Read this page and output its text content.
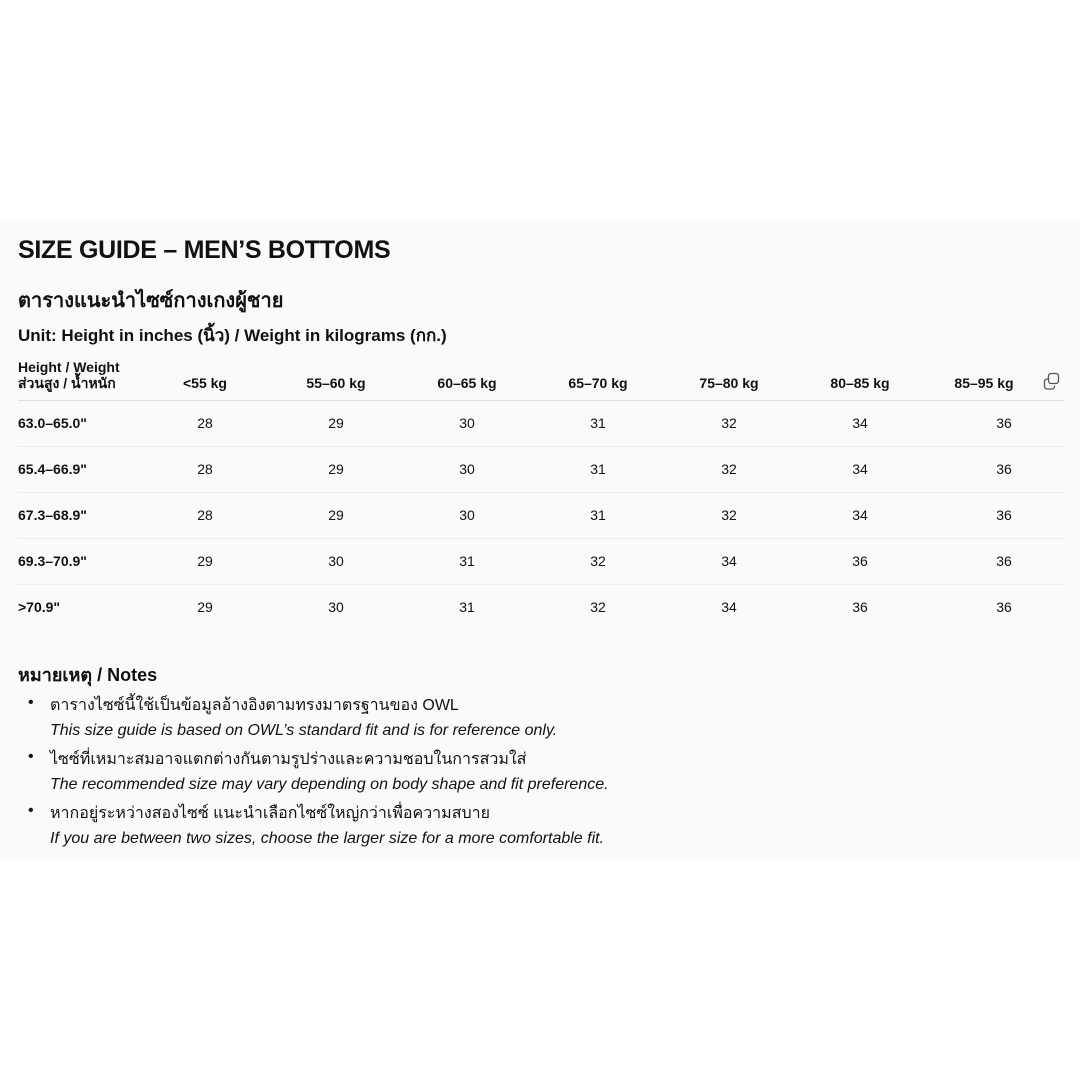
SIZE GUIDE – MEN’S BOTTOMS
ตารางแนะนำไซซ์กางเกงผู้ชาย
Unit: Height in inches (นิ้ว) / Weight in kilograms (กก.)
Height / Weight
ส่วนสูง / น้ำหนัก	<55 kg	55–60 kg	60–65 kg	65–70 kg	75–80 kg	80–85 kg	85–95 kg
63.0–65.0"	28	29	30	31	32	34	36
65.4–66.9"	28	29	30	31	32	34	36
67.3–68.9"	28	29	30	31	32	34	36
69.3–70.9"	29	30	31	32	34	36	36
>70.9"	29	30	31	32	34	36	36
หมายเหตุ / Notes
• ตารางไซซ์นี้ใช้เป็นข้อมูลอ้างอิงตามทรงมาตรฐานของ OWL
This size guide is based on OWL’s standard fit and is for reference only.
• ไซซ์ที่เหมาะสมอาจแตกต่างกันตามรูปร่างและความชอบในการสวมใส่
The recommended size may vary depending on body shape and fit preference.
• หากอยู่ระหว่างสองไซซ์ แนะนำเลือกไซซ์ใหญ่กว่าเพื่อความสบาย
If you are between two sizes, choose the larger size for a more comfortable fit.
